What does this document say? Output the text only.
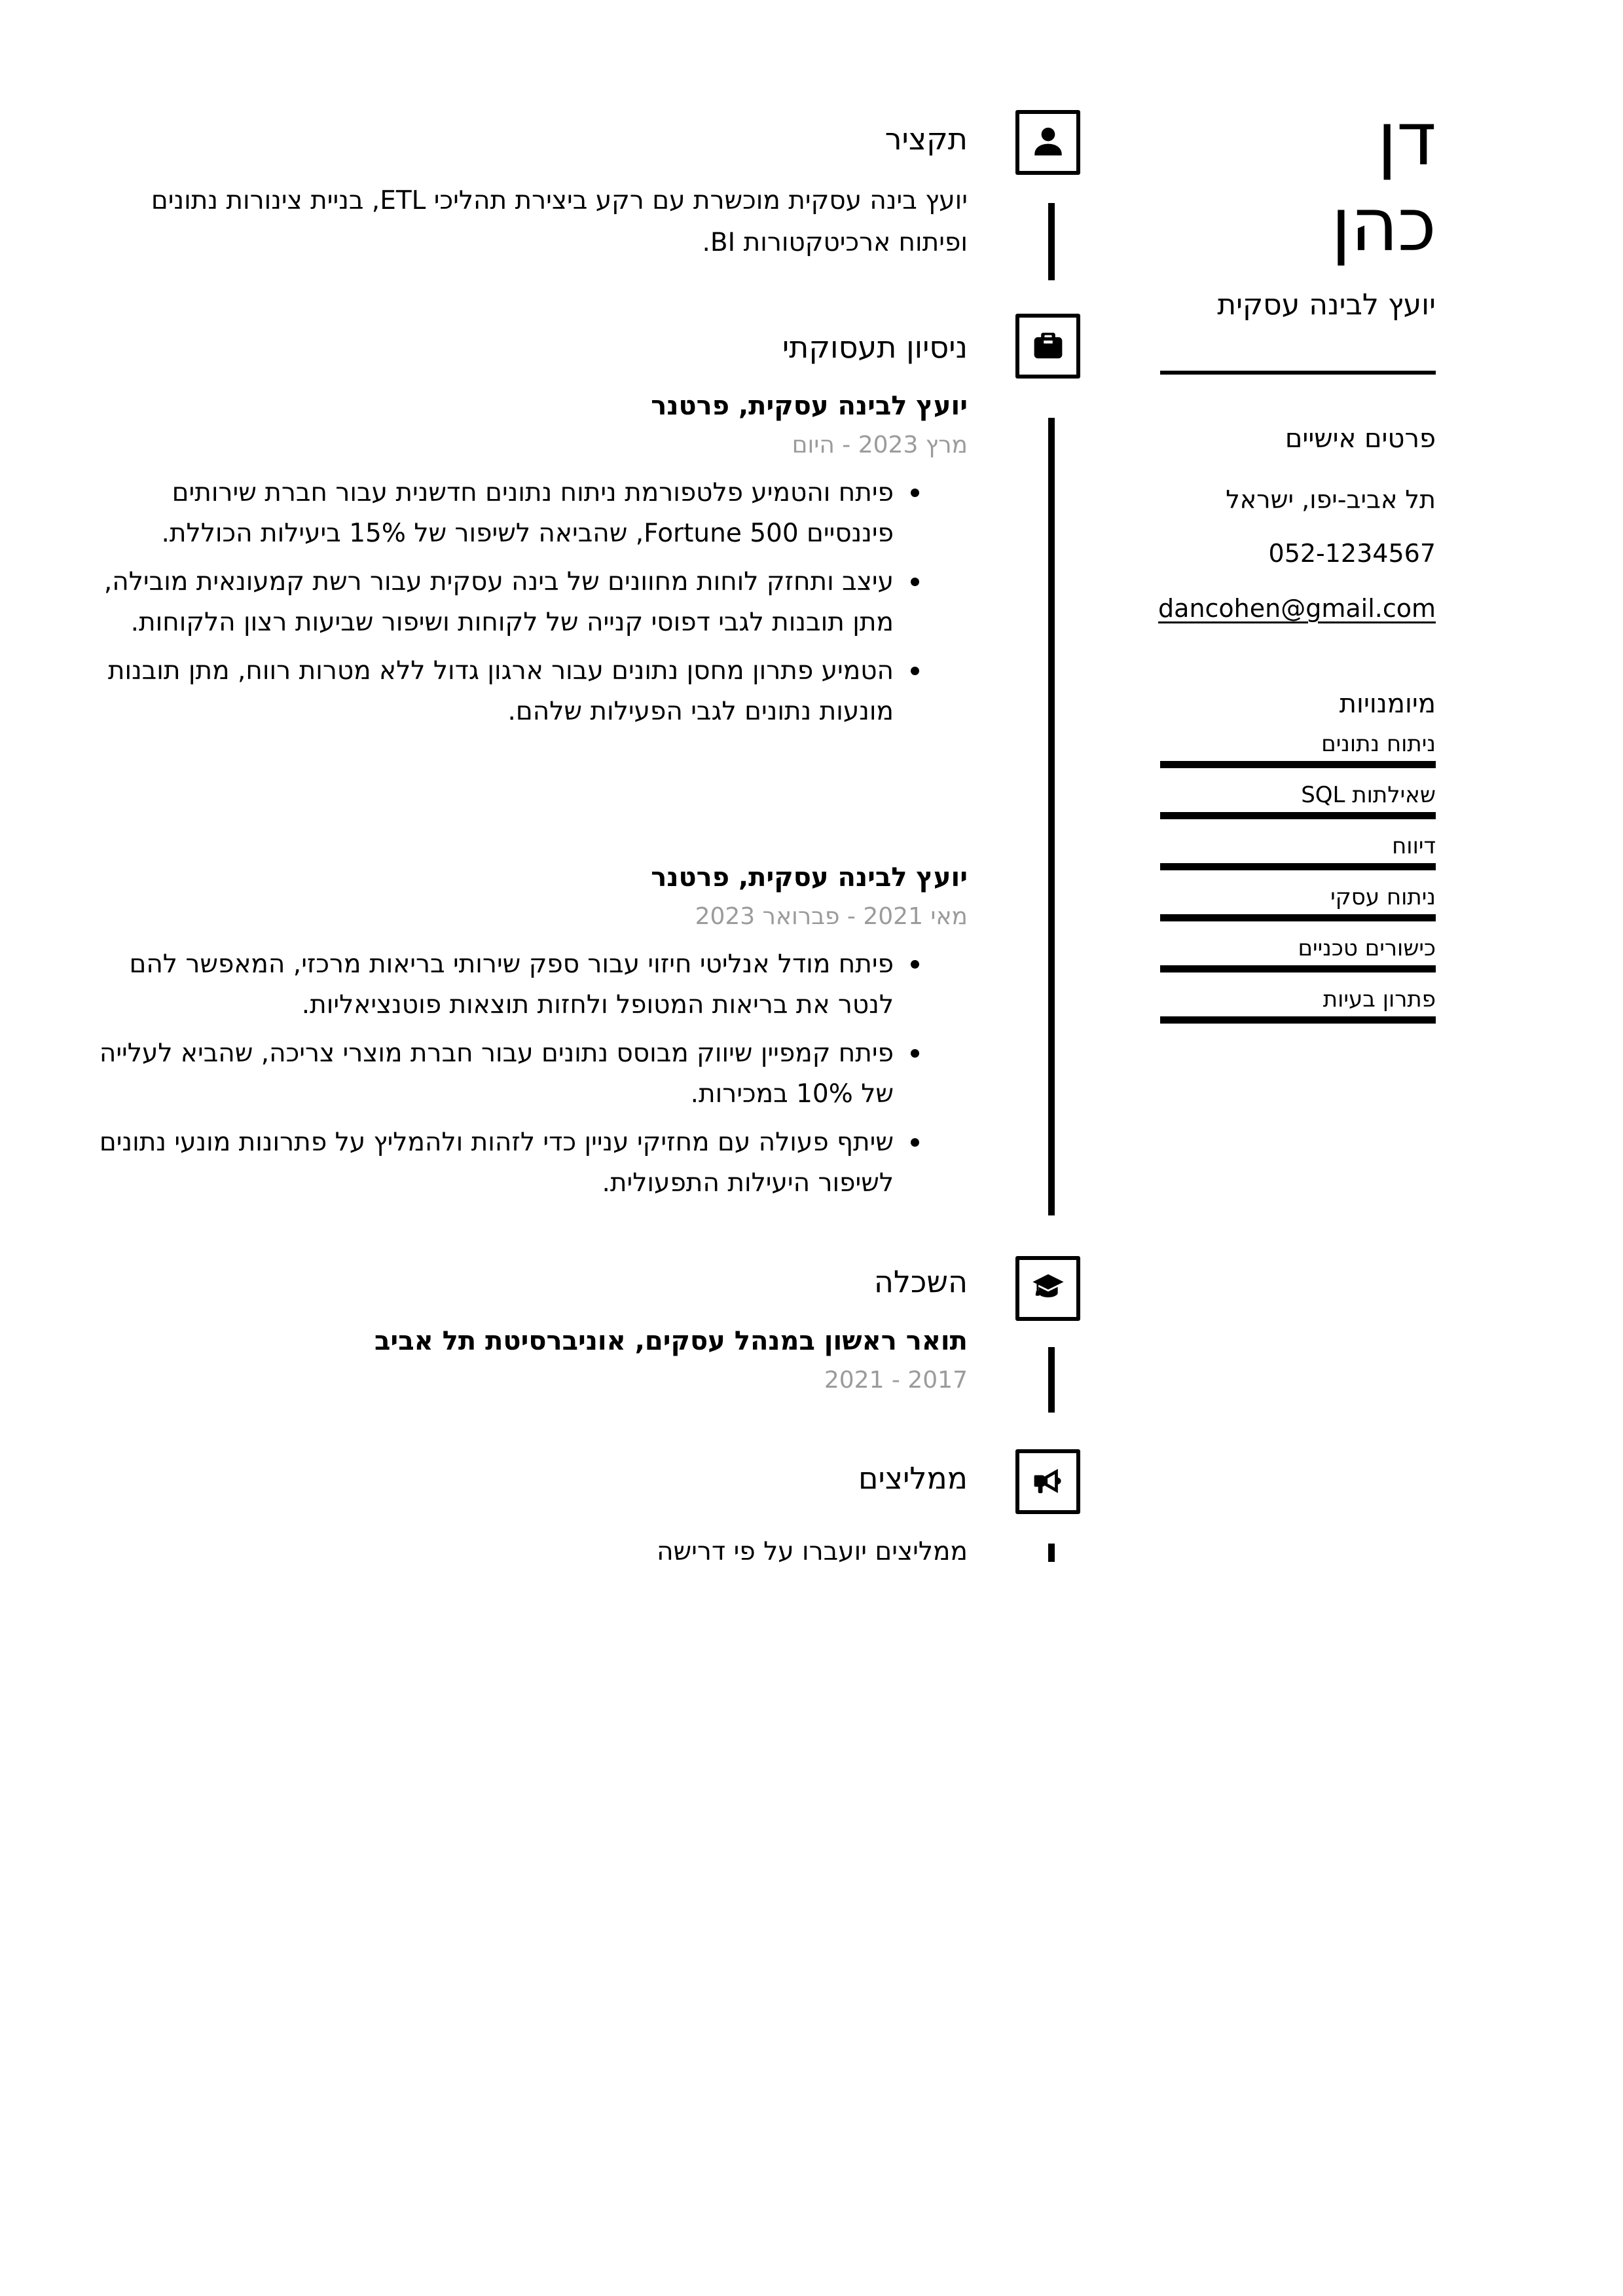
דן
כהן
יועץ לבינה עסקית
פרטים אישיים
תל אביב-יפו, ישראל
052-1234567
dancohen@gmail.com
מיומנויות
ניתוח נתונים
שאילתות SQL
דיווח
ניתוח עסקי
כישורים טכניים
פתרון בעיות
תקציר

יועץ בינה עסקית מוכשרת עם רקע ביצירת תהליכי ETL, בניית צינורות נתונים ופיתוח ארכיטקטורות BI.

ניסיון תעסוקתי
יועץ לבינה עסקית, פרטנר
מרץ 2023 - היום
פיתח והטמיע פלטפורמת ניתוח נתונים חדשנית עבור חברת שירותים פיננסיים Fortune 500, שהביאה לשיפור של 15% ביעילות הכוללת.
עיצב ותחזק לוחות מחוונים של בינה עסקית עבור רשת קמעונאית מובילה, מתן תובנות לגבי דפוסי קנייה של לקוחות ושיפור שביעות רצון הלקוחות.
הטמיע פתרון מחסן נתונים עבור ארגון גדול ללא מטרות רווח, מתן תובנות מונעות נתונים לגבי הפעילות שלהם.
יועץ לבינה עסקית, פרטנר
מאי 2021 - פברואר 2023
פיתח מודל אנליטי חיזוי עבור ספק שירותי בריאות מרכזי, המאפשר להם לנטר את בריאות המטופל ולחזות תוצאות פוטנציאליות.
פיתח קמפיין שיווק מבוסס נתונים עבור חברת מוצרי צריכה, שהביא לעלייה של 10% במכירות.
שיתף פעולה עם מחזיקי עניין כדי לזהות ולהמליץ על פתרונות מונעי נתונים לשיפור היעילות התפעולית.
השכלה
תואר ראשון במנהל עסקים, אוניברסיטת תל אביב
2017 - 2021
ממליצים
ממליצים יועברו על פי דרישה
